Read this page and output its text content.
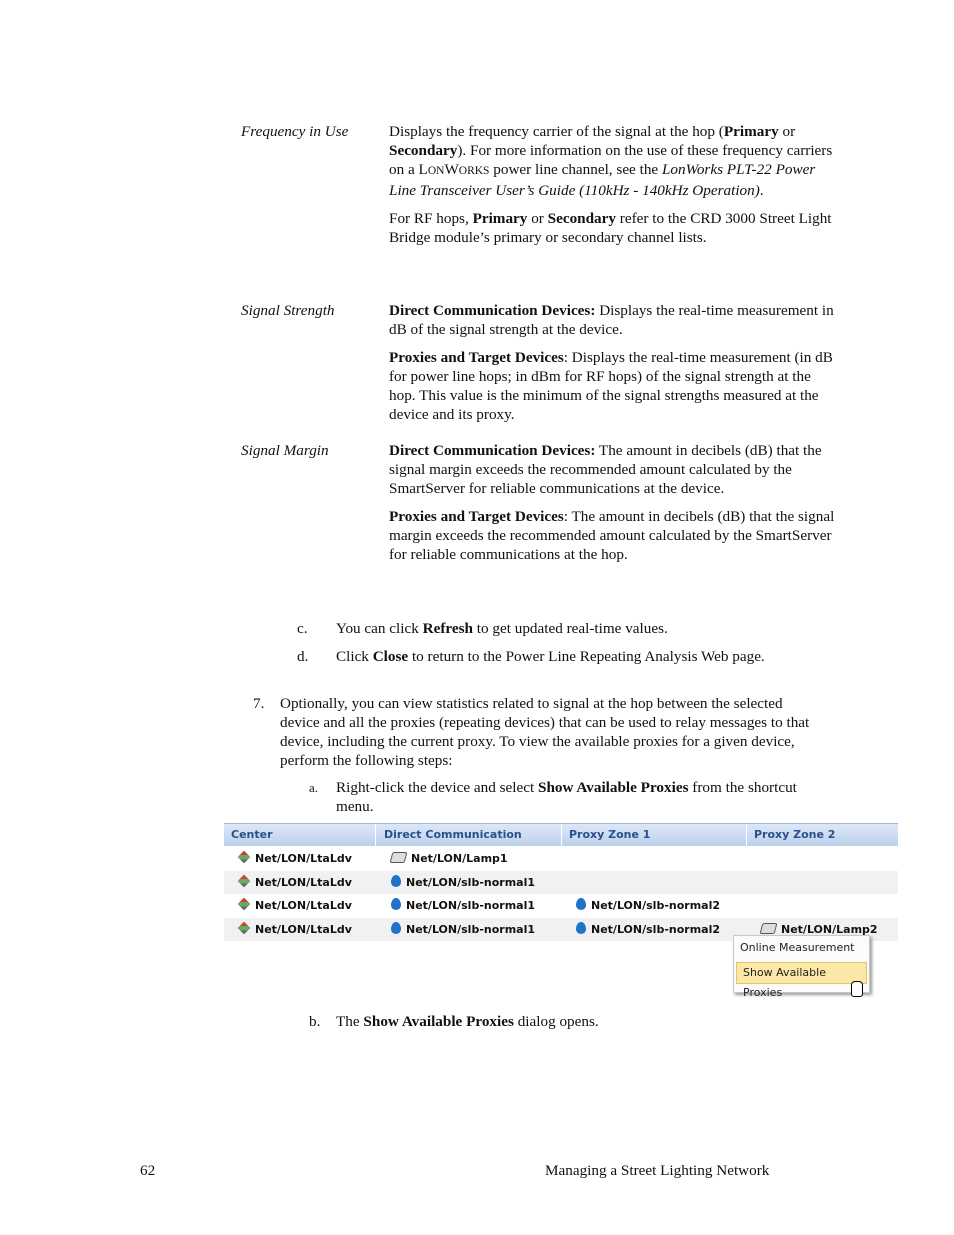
Frequency in Use	Displays the frequency carrier of the signal at the hop (Primary or Secondary). For more information on the use of these frequency carriers on a LONWORKS power line channel, see the LonWorks PLT-22 Power Line Transceiver User’s Guide (110kHz - 140kHz Operation).

For RF hops, Primary or Secondary refer to the CRD 3000 Street Light Bridge module’s primary or secondary channel lists.

Signal Strength	Direct Communication Devices: Displays the real-time measurement in dB of the signal strength at the device.

Proxies and Target Devices: Displays the real-time measurement (in dB for power line hops; in dBm for RF hops) of the signal strength at the hop. This value is the minimum of the signal strengths measured at the device and its proxy.

Signal Margin	Direct Communication Devices: The amount in decibels (dB) that the signal margin exceeds the recommended amount calculated by the SmartServer for reliable communications at the device.

Proxies and Target Devices: The amount in decibels (dB) that the signal margin exceeds the recommended amount calculated by the SmartServer for reliable communications at the hop.

c. You can click Refresh to get updated real-time values.
d. Click Close to return to the Power Line Repeating Analysis Web page.
7. Optionally, you can view statistics related to signal at the hop between the selected device and all the proxies (repeating devices) that can be used to relay messages to that device, including the current proxy. To view the available proxies for a given device, perform the following steps:
a. Right-click the device and select Show Available Proxies from the shortcut menu.
Center	Direct Communication	Proxy Zone 1	Proxy Zone 2
Net/LON/LtaLdv	Net/LON/Lamp1
Net/LON/LtaLdv	Net/LON/slb-normal1
Net/LON/LtaLdv	Net/LON/slb-normal1	Net/LON/slb-normal2
Net/LON/LtaLdv	Net/LON/slb-normal1	Net/LON/slb-normal2	Net/LON/Lamp2
Online Measurement
Show Available Proxies
b. The Show Available Proxies dialog opens.
62	Managing a Street Lighting Network
